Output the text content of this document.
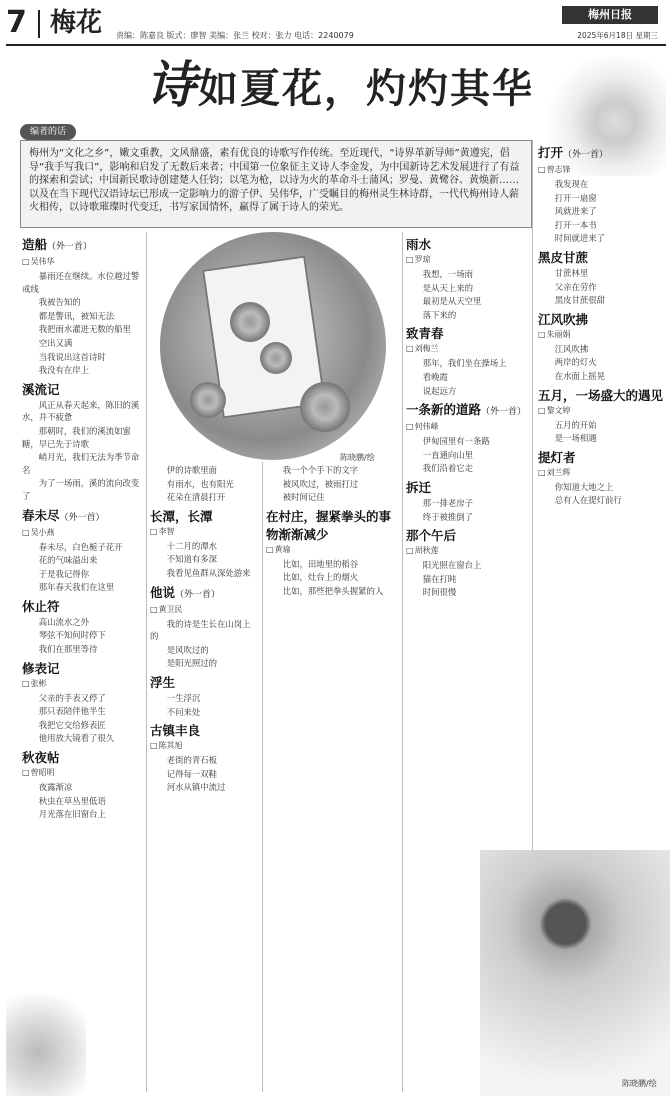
7 梅花 责编：陈嘉良 版式：廖智 美编：张兰 校对：张力 电话：2240079
梅州日报
2025年6月18日 星期三
诗如夏花，灼灼其华
编者的话
梅州为“文化之乡”，嫩文重教，文风鼎盛，素有优良的诗歌写作传统。至近现代，“诗界革新导师”黄遵宪，倡导“我手写我口”，影响和启发了无数后来者；中国第一位象征主义诗人李金发，为中国新诗艺术发展进行了有益的探索和尝试；中国新民歌诗创建楚人任钧；以笔为枪，以诗为火的革命斗士蒲风；罗曼、黄鹭谷、黄焕新……以及在当下现代汉语诗坛已形成一定影响力的游子伊、吴伟华，广受瞩目的梅州灵生林诗群，一代代梅州诗人薪火相传，以诗歌璀璨时代变迁，书写家国情怀，赢得了属于诗人的荣光。
陈晓鹏/绘
造船（外一首）
□ 吴伟华

暴雨还在继续。水位越过警戒线

我被告知的

都是警讯，被知无法

我把雨水灌进无数的船里

空出又满

当我说出这首诗时

我没有在岸上

溪流记

风正从春天起来，陈旧的溪水，并不疲惫

那朝时，我们的溪流如蜜糖，早已先于诗歌

峭月光，我们无法为季节命名

为了一场雨，溪的流向改变了

春未尽（外一首）
□ 吴小燕

春未尽，白色栀子花开

花的气味溢出来

于是我记得你

那年春天我们在这里

休止符

高山流水之外

琴弦不知何时停下

我们在那里等待

修表记
□ 张彬

父亲的手表又停了

那只表陪伴他半生

我把它交给修表匠

他用放大镜看了很久

秋夜帖
□ 曾昭明

夜露渐凉

秋虫在草丛里低语

月光落在旧窗台上

伊的诗歌里面

有雨水，也有阳光

花朵在清晨打开

长潭，长潭
□ 李智

十二月的潭水

不知道有多深

我看见鱼群从深处游来

他说（外一首）
□ 黄卫民

我的诗是生长在山岗上的

是风吹过的

是阳光照过的

浮生

一生浮沉

不问来处

古镇丰良
□ 陈其旭

老街的青石板

记得每一双鞋

河水从镇中流过

我一个个手下的文字

被风吹过，被雨打过

被时间记住

在村庄，握紧拳头的事物渐渐减少
□ 黄瑜

比如，田地里的稻谷

比如，灶台上的烟火

比如，那些把拳头握紧的人

雨水
□ 罗琼

我想，一场雨

是从天上来的

最初是从天空里

落下来的

致青春
□ 刘梅兰

那年，我们坐在操场上

看晚霞

说起远方

一条新的道路（外一首）
□ 何伟峰

伊甸园里有一条路

一直通向山里

我们沿着它走

拆迁

那一排老房子

终于被推倒了

那个午后
□ 周秋莲

阳光照在窗台上

猫在打盹

时间很慢

打开（外一首）
□ 曾志锋

我发现在

打开一扇窗

风就进来了

打开一本书

时间就进来了

黑皮甘蔗

甘蔗林里

父亲在劳作

黑皮甘蔗很甜

江风吹拂
□ 朱丽娟

江风吹拂

两岸的灯火

在水面上摇晃

五月，一场盛大的遇见
□ 黎文婷

五月的开始

是一场相遇

提灯者
□ 刘兰辉

你知道大地之上

总有人在提灯前行

陈晓鹏/绘
